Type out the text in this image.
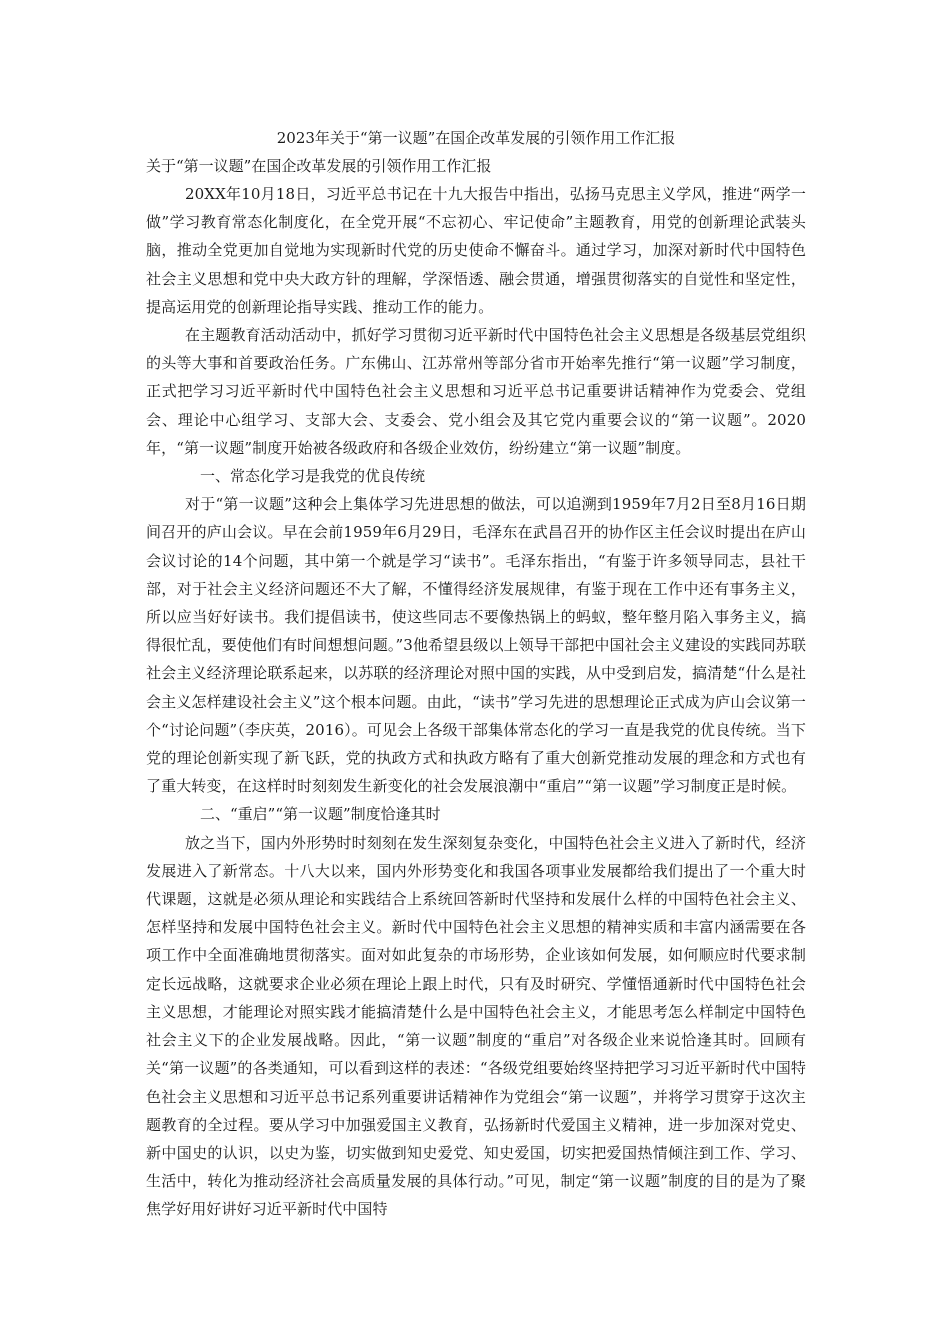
2023年关于“第一议题”在国企改革发展的引领作用工作汇报
关于“第一议题”在国企改革发展的引领作用工作汇报

20XX年10月18日，习近平总书记在十九大报告中指出，弘扬马克思主义学风，推进“两学一做”学习教育常态化制度化，在全党开展“不忘初心、牢记使命”主题教育，用党的创新理论武装头脑，推动全党更加自觉地为实现新时代党的历史使命不懈奋斗。通过学习，加深对新时代中国特色社会主义思想和党中央大政方针的理解，学深悟透、融会贯通，增强贯彻落实的自觉性和坚定性，提高运用党的创新理论指导实践、推动工作的能力。

在主题教育活动活动中，抓好学习贯彻习近平新时代中国特色社会主义思想是各级基层党组织的头等大事和首要政治任务。广东佛山、江苏常州等部分省市开始率先推行“第一议题”学习制度，正式把学习习近平新时代中国特色社会主义思想和习近平总书记重要讲话精神作为党委会、党组会、理论中心组学习、支部大会、支委会、党小组会及其它党内重要会议的“第一议题”。2020年，“第一议题”制度开始被各级政府和各级企业效仿，纷纷建立“第一议题”制度。

一、常态化学习是我党的优良传统

对于“第一议题”这种会上集体学习先进思想的做法，可以追溯到1959年7月2日至8月16日期间召开的庐山会议。早在会前1959年6月29日，毛泽东在武昌召开的协作区主任会议时提出在庐山会议讨论的14个问题，其中第一个就是学习“读书”。毛泽东指出，“有鉴于许多领导同志，县社干部，对于社会主义经济问题还不大了解，不懂得经济发展规律，有鉴于现在工作中还有事务主义，所以应当好好读书。我们提倡读书，使这些同志不要像热锅上的蚂蚁，整年整月陷入事务主义，搞得很忙乱，要使他们有时间想想问题。”3他希望县级以上领导干部把中国社会主义建设的实践同苏联社会主义经济理论联系起来，以苏联的经济理论对照中国的实践，从中受到启发，搞清楚“什么是社会主义怎样建设社会主义”这个根本问题。由此，“读书”学习先进的思想理论正式成为庐山会议第一个“讨论问题”（李庆英，2016）。可见会上各级干部集体常态化的学习一直是我党的优良传统。当下党的理论创新实现了新飞跃，党的执政方式和执政方略有了重大创新党推动发展的理念和方式也有了重大转变，在这样时时刻刻发生新变化的社会发展浪潮中“重启”“第一议题”学习制度正是时候。

二、“重启”“第一议题”制度恰逢其时

放之当下，国内外形势时时刻刻在发生深刻复杂变化，中国特色社会主义进入了新时代，经济发展进入了新常态。十八大以来，国内外形势变化和我国各项事业发展都给我们提出了一个重大时代课题，这就是必须从理论和实践结合上系统回答新时代坚持和发展什么样的中国特色社会主义、怎样坚持和发展中国特色社会主义。新时代中国特色社会主义思想的精神实质和丰富内涵需要在各项工作中全面准确地贯彻落实。面对如此复杂的市场形势，企业该如何发展，如何顺应时代要求制定长远战略，这就要求企业必须在理论上跟上时代，只有及时研究、学懂悟通新时代中国特色社会主义思想，才能理论对照实践才能搞清楚什么是中国特色社会主义，才能思考怎么样制定中国特色社会主义下的企业发展战略。因此，“第一议题”制度的“重启”对各级企业来说恰逢其时。回顾有关“第一议题”的各类通知，可以看到这样的表述：“各级党组要始终坚持把学习习近平新时代中国特色社会主义思想和习近平总书记系列重要讲话精神作为党组会“第一议题”，并将学习贯穿于这次主题教育的全过程。要从学习中加强爱国主义教育，弘扬新时代爱国主义精神，进一步加深对党史、新中国史的认识，以史为鉴，切实做到知史爱党、知史爱国，切实把爱国热情倾注到工作、学习、生活中，转化为推动经济社会高质量发展的具体行动。”可见，制定“第一议题”制度的目的是为了聚焦学好用好讲好习近平新时代中国特
